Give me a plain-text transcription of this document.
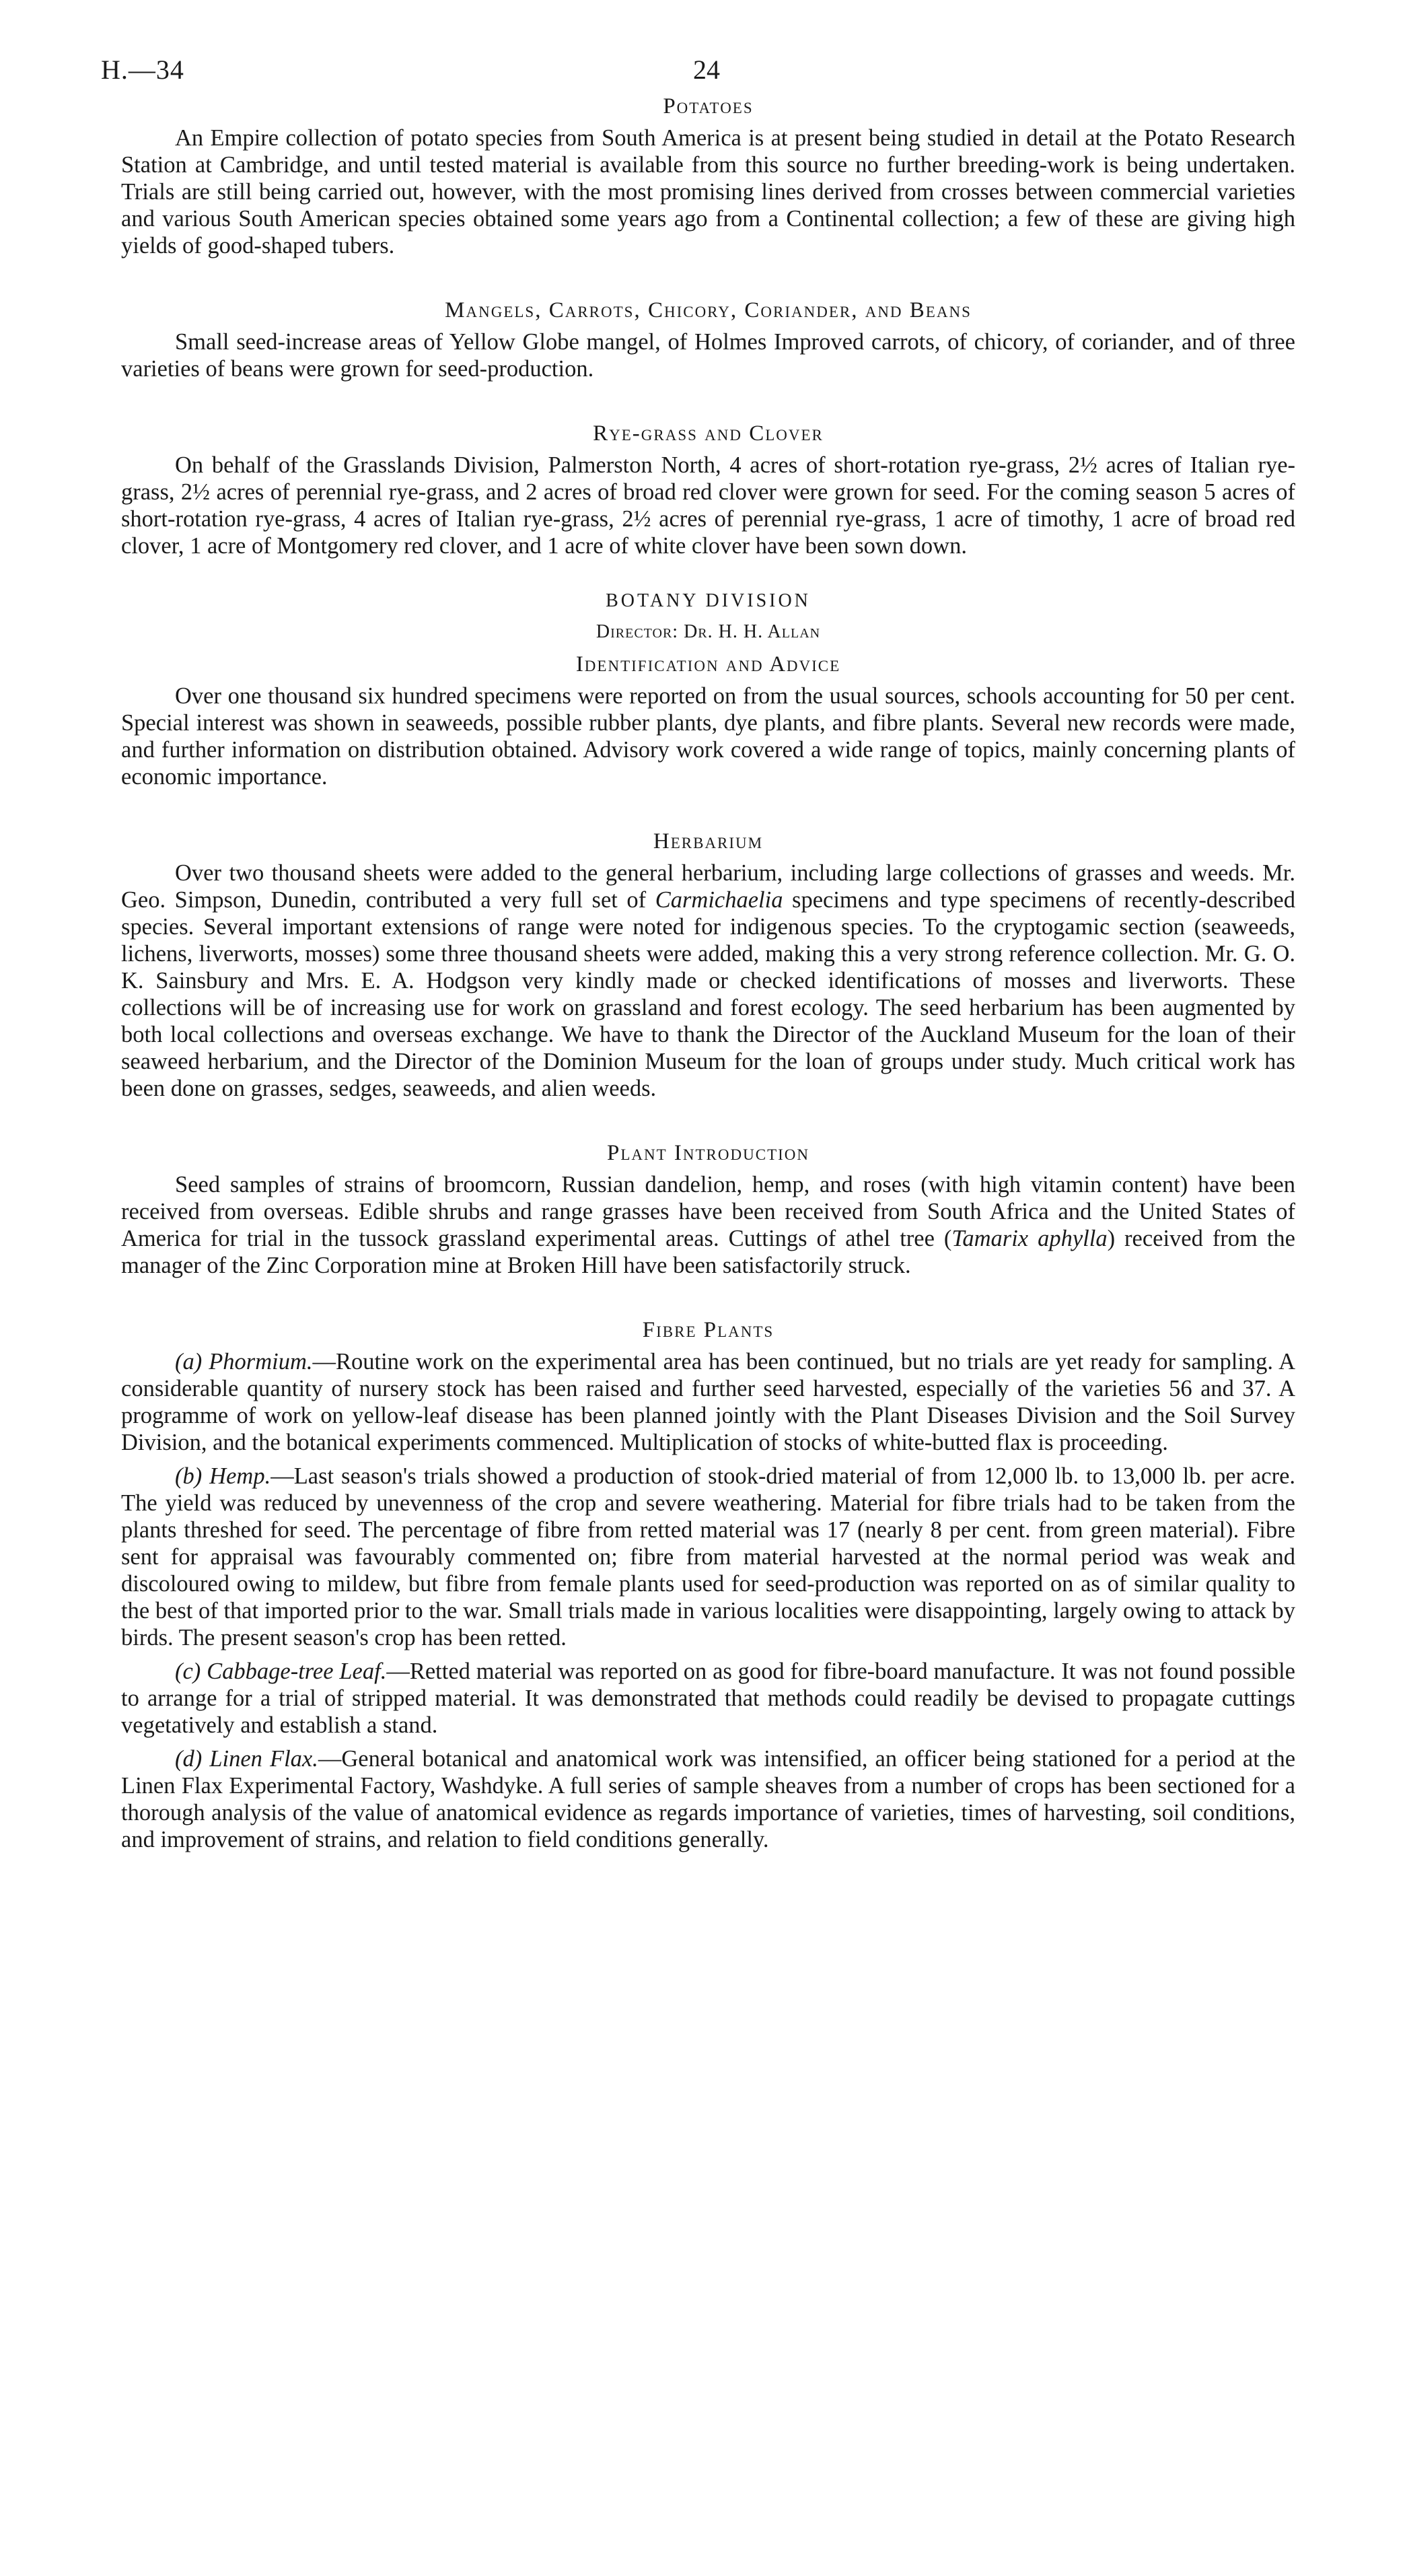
H.—34	24
Potatoes

An Empire collection of potato species from South America is at present being studied in detail at the Potato Research Station at Cambridge, and until tested material is available from this source no further breeding-work is being undertaken. Trials are still being carried out, however, with the most promising lines derived from crosses between commercial varieties and various South American species obtained some years ago from a Continental collection; a few of these are giving high yields of good-shaped tubers.

Mangels, Carrots, Chicory, Coriander, and Beans

Small seed-increase areas of Yellow Globe mangel, of Holmes Improved carrots, of chicory, of coriander, and of three varieties of beans were grown for seed-production.

Rye-grass and Clover

On behalf of the Grasslands Division, Palmerston North, 4 acres of short-rotation rye-grass, 2½ acres of Italian rye-grass, 2½ acres of perennial rye-grass, and 2 acres of broad red clover were grown for seed. For the coming season 5 acres of short-rotation rye-grass, 4 acres of Italian rye-grass, 2½ acres of perennial rye-grass, 1 acre of timothy, 1 acre of broad red clover, 1 acre of Montgomery red clover, and 1 acre of white clover have been sown down.

BOTANY DIVISION
Director: Dr. H. H. Allan
Identification and Advice

Over one thousand six hundred specimens were reported on from the usual sources, schools accounting for 50 per cent. Special interest was shown in seaweeds, possible rubber plants, dye plants, and fibre plants. Several new records were made, and further information on distribution obtained. Advisory work covered a wide range of topics, mainly concerning plants of economic importance.

Herbarium

Over two thousand sheets were added to the general herbarium, including large collections of grasses and weeds. Mr. Geo. Simpson, Dunedin, contributed a very full set of Carmichaelia specimens and type specimens of recently-described species. Several important extensions of range were noted for indigenous species. To the cryptogamic section (seaweeds, lichens, liverworts, mosses) some three thousand sheets were added, making this a very strong reference collection. Mr. G. O. K. Sainsbury and Mrs. E. A. Hodgson very kindly made or checked identifications of mosses and liverworts. These collections will be of increasing use for work on grassland and forest ecology. The seed herbarium has been augmented by both local collections and overseas exchange. We have to thank the Director of the Auckland Museum for the loan of their seaweed herbarium, and the Director of the Dominion Museum for the loan of groups under study. Much critical work has been done on grasses, sedges, seaweeds, and alien weeds.

Plant Introduction

Seed samples of strains of broomcorn, Russian dandelion, hemp, and roses (with high vitamin content) have been received from overseas. Edible shrubs and range grasses have been received from South Africa and the United States of America for trial in the tussock grassland experimental areas. Cuttings of athel tree (Tamarix aphylla) received from the manager of the Zinc Corporation mine at Broken Hill have been satisfactorily struck.

Fibre Plants

(a) Phormium.—Routine work on the experimental area has been continued, but no trials are yet ready for sampling. A considerable quantity of nursery stock has been raised and further seed harvested, especially of the varieties 56 and 37. A programme of work on yellow-leaf disease has been planned jointly with the Plant Diseases Division and the Soil Survey Division, and the botanical experiments commenced. Multiplication of stocks of white-butted flax is proceeding.

(b) Hemp.—Last season's trials showed a production of stook-dried material of from 12,000 lb. to 13,000 lb. per acre. The yield was reduced by unevenness of the crop and severe weathering. Material for fibre trials had to be taken from the plants threshed for seed. The percentage of fibre from retted material was 17 (nearly 8 per cent. from green material). Fibre sent for appraisal was favourably commented on; fibre from material harvested at the normal period was weak and discoloured owing to mildew, but fibre from female plants used for seed-production was reported on as of similar quality to the best of that imported prior to the war. Small trials made in various localities were disappointing, largely owing to attack by birds. The present season's crop has been retted.

(c) Cabbage-tree Leaf.—Retted material was reported on as good for fibre-board manufacture. It was not found possible to arrange for a trial of stripped material. It was demonstrated that methods could readily be devised to propagate cuttings vegetatively and establish a stand.

(d) Linen Flax.—General botanical and anatomical work was intensified, an officer being stationed for a period at the Linen Flax Experimental Factory, Washdyke. A full series of sample sheaves from a number of crops has been sectioned for a thorough analysis of the value of anatomical evidence as regards importance of varieties, times of harvesting, soil conditions, and improvement of strains, and relation to field conditions generally.
